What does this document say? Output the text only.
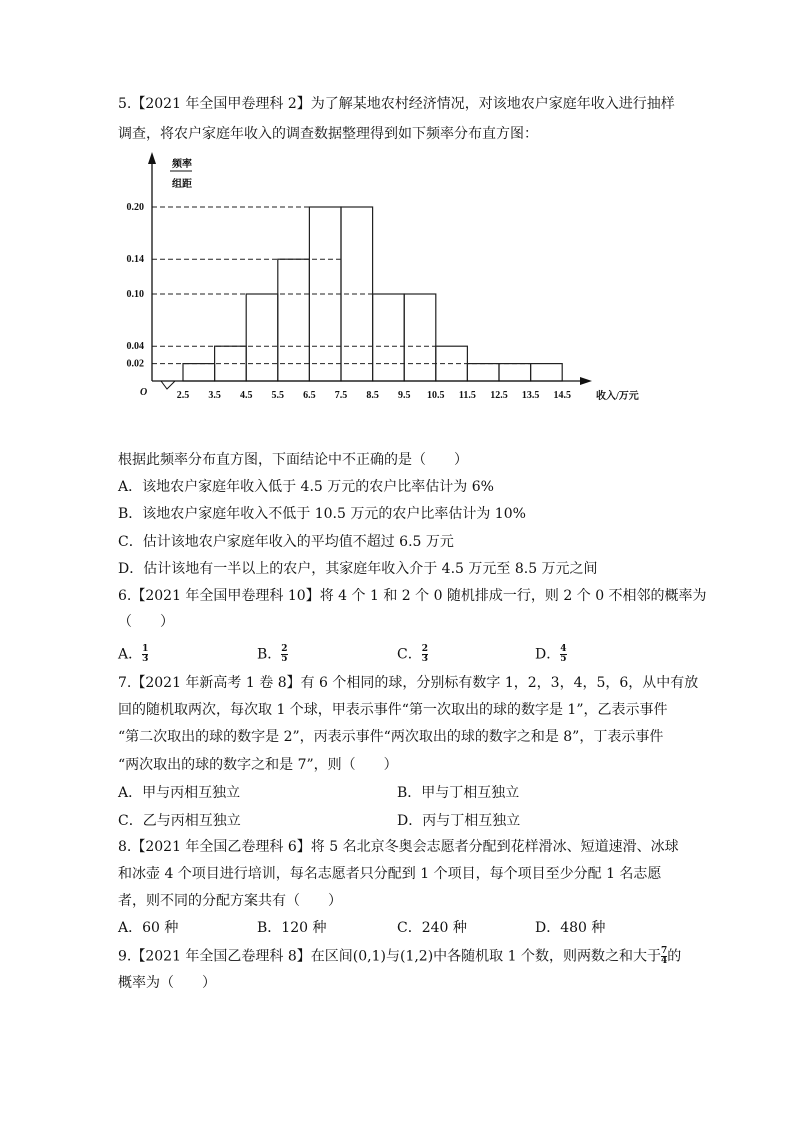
5.【2021 年全国甲卷理科 2】为了解某地农村经济情况，对该地农户家庭年收入进行抽样
调查，将农户家庭年收入的调查数据整理得到如下频率分布直方图：
0.02
0.04
0.10
0.14
0.20
2.5 3.5 4.5 5.5 6.5 7.5 8.5 9.5 10.5 11.5 12.5 13.5 14.5
O	收入/万元
频率
组距
根据此频率分布直方图，下面结论中不正确的是（　　）
A．该地农户家庭年收入低于 4.5 万元的农户比率估计为 6%
B．该地农户家庭年收入不低于 10.5 万元的农户比率估计为 10%
C．估计该地农户家庭年收入的平均值不超过 6.5 万元
D．估计该地有一半以上的农户，其家庭年收入介于 4.5 万元至 8.5 万元之间
6.【2021 年全国甲卷理科 10】将 4 个 1 和 2 个 0 随机排成一行，则 2 个 0 不相邻的概率为
（　　）
A． $\frac{1}{3}$	B． $\frac{2}{5}$	C． $\frac{2}{3}$	D． $\frac{4}{5}$
7.【2021 年新高考 1 卷 8】有 6 个相同的球，分别标有数字 1，2，3，4，5，6，从中有放
回的随机取两次，每次取 1 个球，甲表示事件“第一次取出的球的数字是 1”，乙表示事件
“第二次取出的球的数字是 2”，丙表示事件“两次取出的球的数字之和是 8”，丁表示事件
“两次取出的球的数字之和是 7”，则（　　）
A．甲与丙相互独立	B．甲与丁相互独立
C．乙与丙相互独立	D．丙与丁相互独立
8.【2021 年全国乙卷理科 6】将 5 名北京冬奥会志愿者分配到花样滑冰、短道速滑、冰球
和冰壶 4 个项目进行培训，每名志愿者只分配到 1 个项目，每个项目至少分配 1 名志愿
者，则不同的分配方案共有（　　）
A．60 种	B．120 种	C．240 种	D．480 种
9.【2021 年全国乙卷理科 8】在区间(0,1)与(1,2)中各随机取 1 个数，则两数之和大于 $\frac{7}{4}$ 的
概率为（　　）
